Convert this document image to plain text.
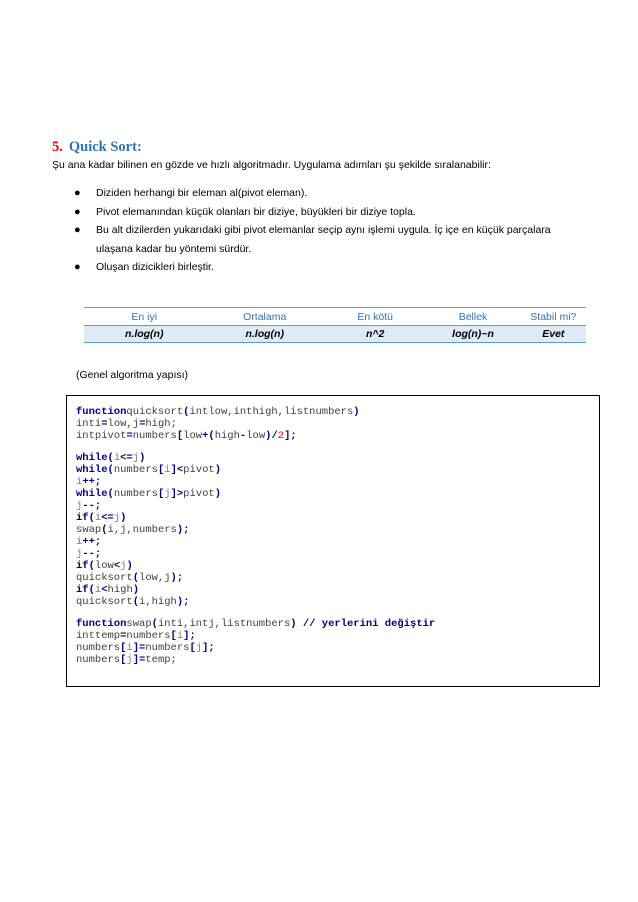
5. Quick Sort:
Şu ana kadar bilinen en gözde ve hızlı algoritmadır. Uygulama adımları şu şekilde sıralanabilir:
● Diziden herhangi bir eleman al(pivot eleman).
● Pivot elemanından küçük olanları bir diziye, büyükleri bir diziye topla.
● Bu alt dizilerden yukarıdaki gibi pivot elemanlar seçip aynı işlemi uygula. İç içe en küçük parçalara ulaşana kadar bu yöntemi sürdür.
● Oluşan dizicikleri birleştir.
En iyi	Ortalama	En kötü	Bellek	Stabil mi?
n.log(n)	n.log(n)	n^2	log(n)~n	Evet
(Genel algoritma yapısı)
functionquicksort(intlow,inthigh,listnumbers)
inti=low,j=high;
intpivot=numbers[low+(high-low)/2];
while(i<=j)
while(numbers[i]<pivot)
i++;
while(numbers[j]>pivot)
j--;
if(i<=j)
swap(i,j,numbers);
i++;
j--;
if(low<j)
quicksort(low,j);
if(i<high)
quicksort(i,high);
functionswap(inti,intj,listnumbers) // yerlerini değiştir
inttemp=numbers[i];
numbers[i]=numbers[j];
numbers[j]=temp;
